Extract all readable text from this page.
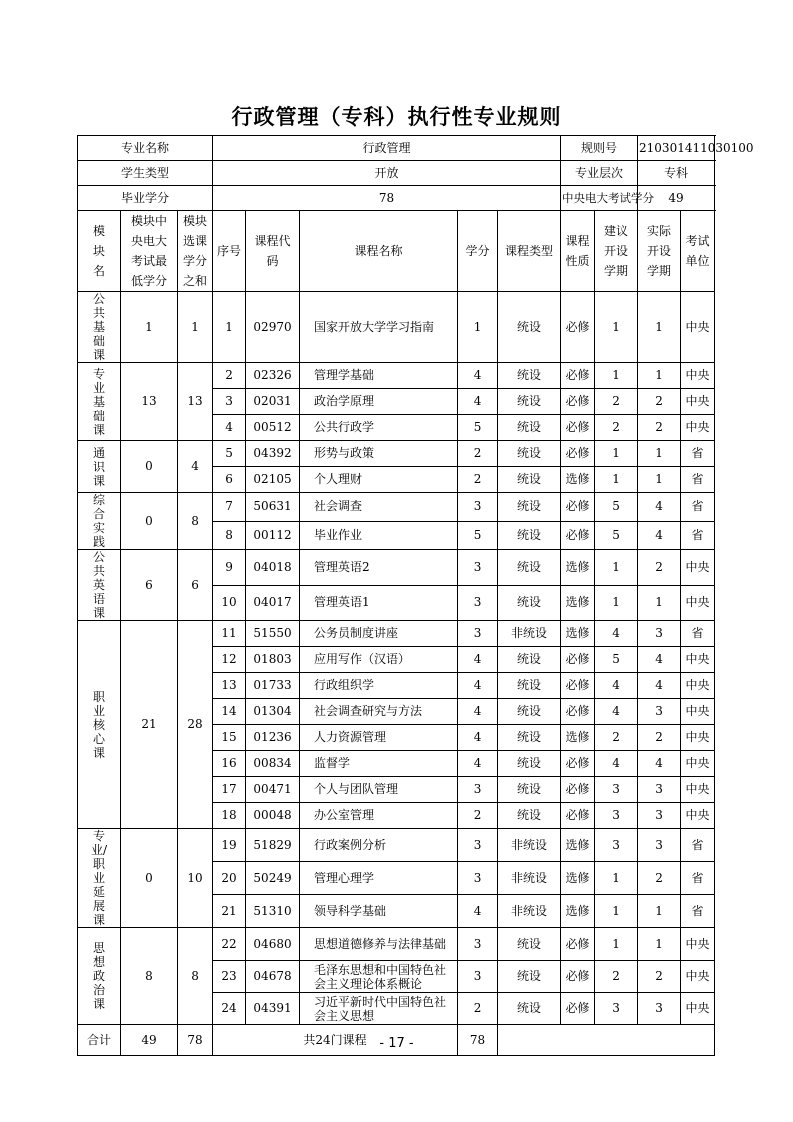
行政管理（专科）执行性专业规则
专业名称			行政管理					规则号		210301411030100	
学生类型			开放					专业层次		专科	
毕业学分			78					中央电大考试学分		49	
模块名	模块中央电大考试最低学分	模块选课学分之和	序号	课程代码	课程名称	学分	课程类型	课程性质	建议开设学期	实际开设学期	考试单位
公共基础课	1	1	1	02970	国家开放大学学习指南	1	统设	必修	1	1	中央
专业基础课	13	13	2	02326	管理学基础	4	统设	必修	1	1	中央
			3	02031	政治学原理	4	统设	必修	2	2	中央
			4	00512	公共行政学	5	统设	必修	2	2	中央
通识课	0	4	5	04392	形势与政策	2	统设	必修	1	1	省
			6	02105	个人理财	2	统设	选修	1	1	省
综合实践	0	8	7	50631	社会调查	3	统设	必修	5	4	省
			8	00112	毕业作业	5	统设	必修	5	4	省
公共英语课	6	6	9	04018	管理英语2	3	统设	选修	1	2	中央
			10	04017	管理英语1	3	统设	选修	1	1	中央
职业核心课	21	28	11	51550	公务员制度讲座	3	非统设	选修	4	3	省
			12	01803	应用写作（汉语）	4	统设	必修	5	4	中央
			13	01733	行政组织学	4	统设	必修	4	4	中央
			14	01304	社会调查研究与方法	4	统设	必修	4	3	中央
			15	01236	人力资源管理	4	统设	选修	2	2	中央
			16	00834	监督学	4	统设	必修	4	4	中央
			17	00471	个人与团队管理	3	统设	必修	3	3	中央
			18	00048	办公室管理	2	统设	必修	3	3	中央
专业/职业延展课	0	10	19	51829	行政案例分析	3	非统设	选修	3	3	省
			20	50249	管理心理学	3	非统设	选修	1	2	省
			21	51310	领导科学基础	4	非统设	选修	1	1	省
思想政治课	8	8	22	04680	思想道德修养与法律基础	3	统设	必修	1	1	中央
			23	04678	毛泽东思想和中国特色社会主义理论体系概论	3	统设	必修	2	2	中央
			24	04391	习近平新时代中国特色社会主义思想	2	统设	必修	3	3	中央
合计	49	78	共24门课程			78					
- 17 -
